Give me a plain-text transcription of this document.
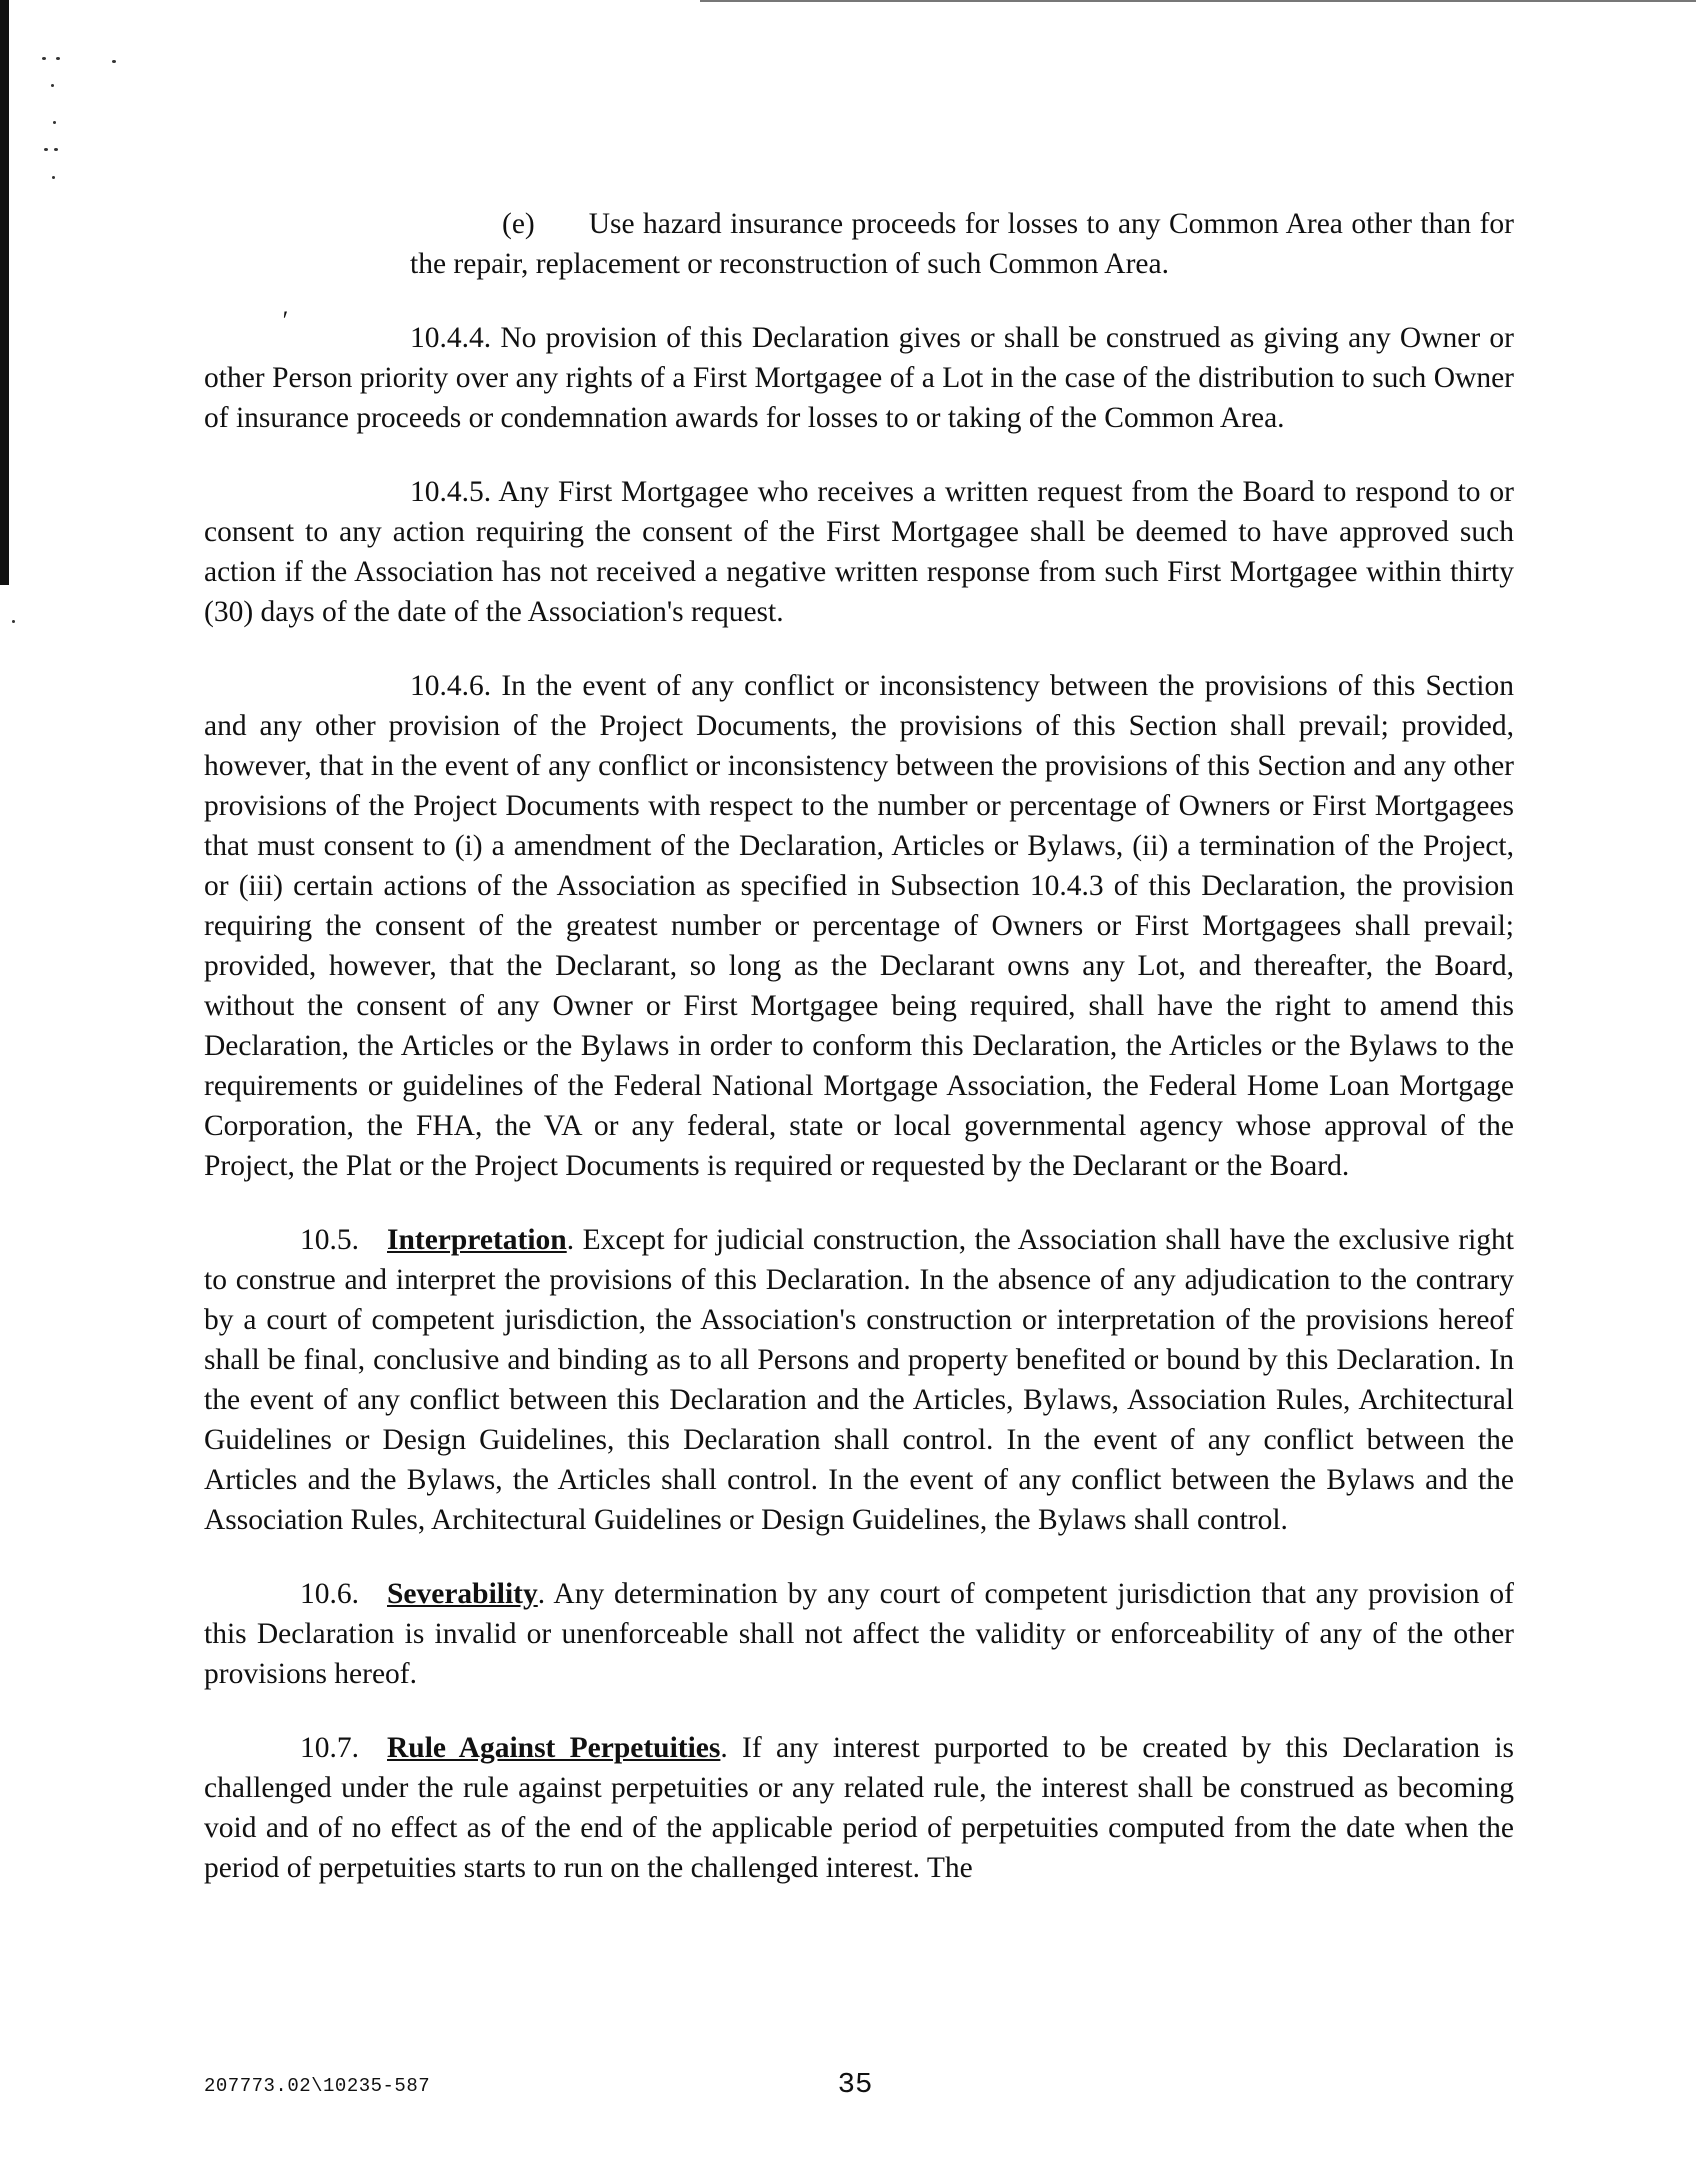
′

(e) Use hazard insurance proceeds for losses to any Common Area other than for the repair, replacement or reconstruction of such Common Area.

10.4.4. No provision of this Declaration gives or shall be construed as giving any Owner or other Person priority over any rights of a First Mortgagee of a Lot in the case of the distribution to such Owner of insurance proceeds or condemnation awards for losses to or taking of the Common Area.

10.4.5. Any First Mortgagee who receives a written request from the Board to respond to or consent to any action requiring the consent of the First Mortgagee shall be deemed to have approved such action if the Association has not received a negative written response from such First Mortgagee within thirty (30) days of the date of the Association's request.

10.4.6. In the event of any conflict or inconsistency between the provisions of this Section and any other provision of the Project Documents, the provisions of this Section shall prevail; provided, however, that in the event of any conflict or inconsistency between the provisions of this Section and any other provisions of the Project Documents with respect to the number or percentage of Owners or First Mortgagees that must consent to (i) a amendment of the Declaration, Articles or Bylaws, (ii) a termination of the Project, or (iii) certain actions of the Association as specified in Subsection 10.4.3 of this Declaration, the provision requiring the consent of the greatest number or percentage of Owners or First Mortgagees shall prevail; provided, however, that the Declarant, so long as the Declarant owns any Lot, and thereafter, the Board, without the consent of any Owner or First Mortgagee being required, shall have the right to amend this Declaration, the Articles or the Bylaws in order to conform this Declaration, the Articles or the Bylaws to the requirements or guidelines of the Federal National Mortgage Association, the Federal Home Loan Mortgage Corporation, the FHA, the VA or any federal, state or local governmental agency whose approval of the Project, the Plat or the Project Documents is required or requested by the Declarant or the Board.

10.5. Interpretation. Except for judicial construction, the Association shall have the exclusive right to construe and interpret the provisions of this Declaration. In the absence of any adjudication to the contrary by a court of competent jurisdiction, the Association's construction or interpretation of the provisions hereof shall be final, conclusive and binding as to all Persons and property benefited or bound by this Declaration. In the event of any conflict between this Declaration and the Articles, Bylaws, Association Rules, Architectural Guidelines or Design Guidelines, this Declaration shall control. In the event of any conflict between the Articles and the Bylaws, the Articles shall control. In the event of any conflict between the Bylaws and the Association Rules, Architectural Guidelines or Design Guidelines, the Bylaws shall control.

10.6. Severability. Any determination by any court of competent jurisdiction that any provision of this Declaration is invalid or unenforceable shall not affect the validity or enforceability of any of the other provisions hereof.

10.7. Rule Against Perpetuities. If any interest purported to be created by this Declaration is challenged under the rule against perpetuities or any related rule, the interest shall be construed as becoming void and of no effect as of the end of the applicable period of perpetuities computed from the date when the period of perpetuities starts to run on the challenged interest. The

207773.02\10235-587	35
